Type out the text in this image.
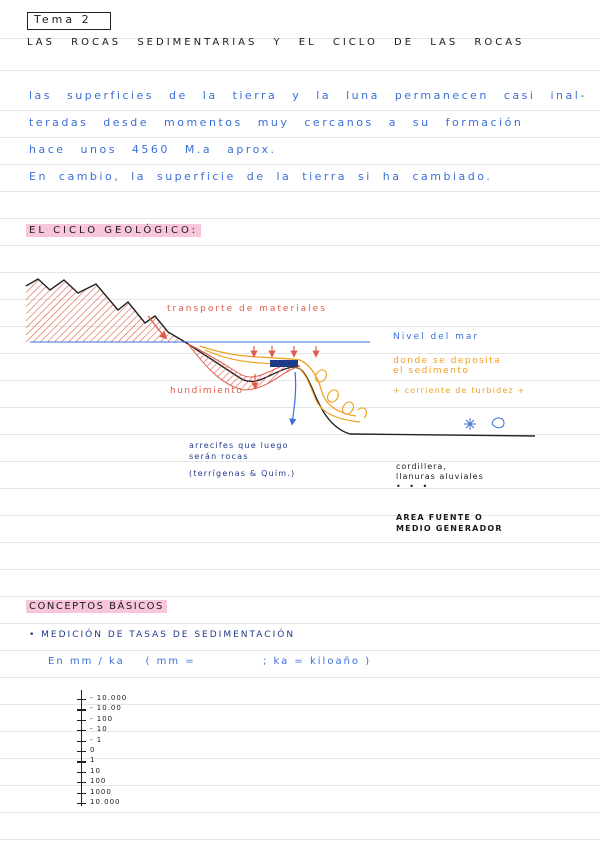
Tema 2
LAS ROCAS SEDIMENTARIAS Y EL CICLO DE LAS ROCAS
las superficies de la tierra y la luna permanecen casi inal-
teradas desde momentos muy cercanos a su formación
hace unos 4560 M.a aprox.
En cambio, la superficie de la tierra si ha cambiado.
EL CICLO GEOLÓGICO:
transporte de materiales
Nivel del mar
donde se deposita
el sedimento
+ corriente de turbidez +
hundimiento
arrecifes que luego
serán rocas
(terrígenas & Quím.)
cordillera,
llanuras aluviales
• • •
AREA FUENTE O
MEDIO GENERADOR
CONCEPTOS BÁSICOS
• MEDICIÓN DE TASAS DE SEDIMENTACIÓN
En mm / ka    ( mm =             ; ka = kiloaño )
- 10.000
- 10.00
- 100
- 10
- 1
0
1
10
100
1000
10.000
